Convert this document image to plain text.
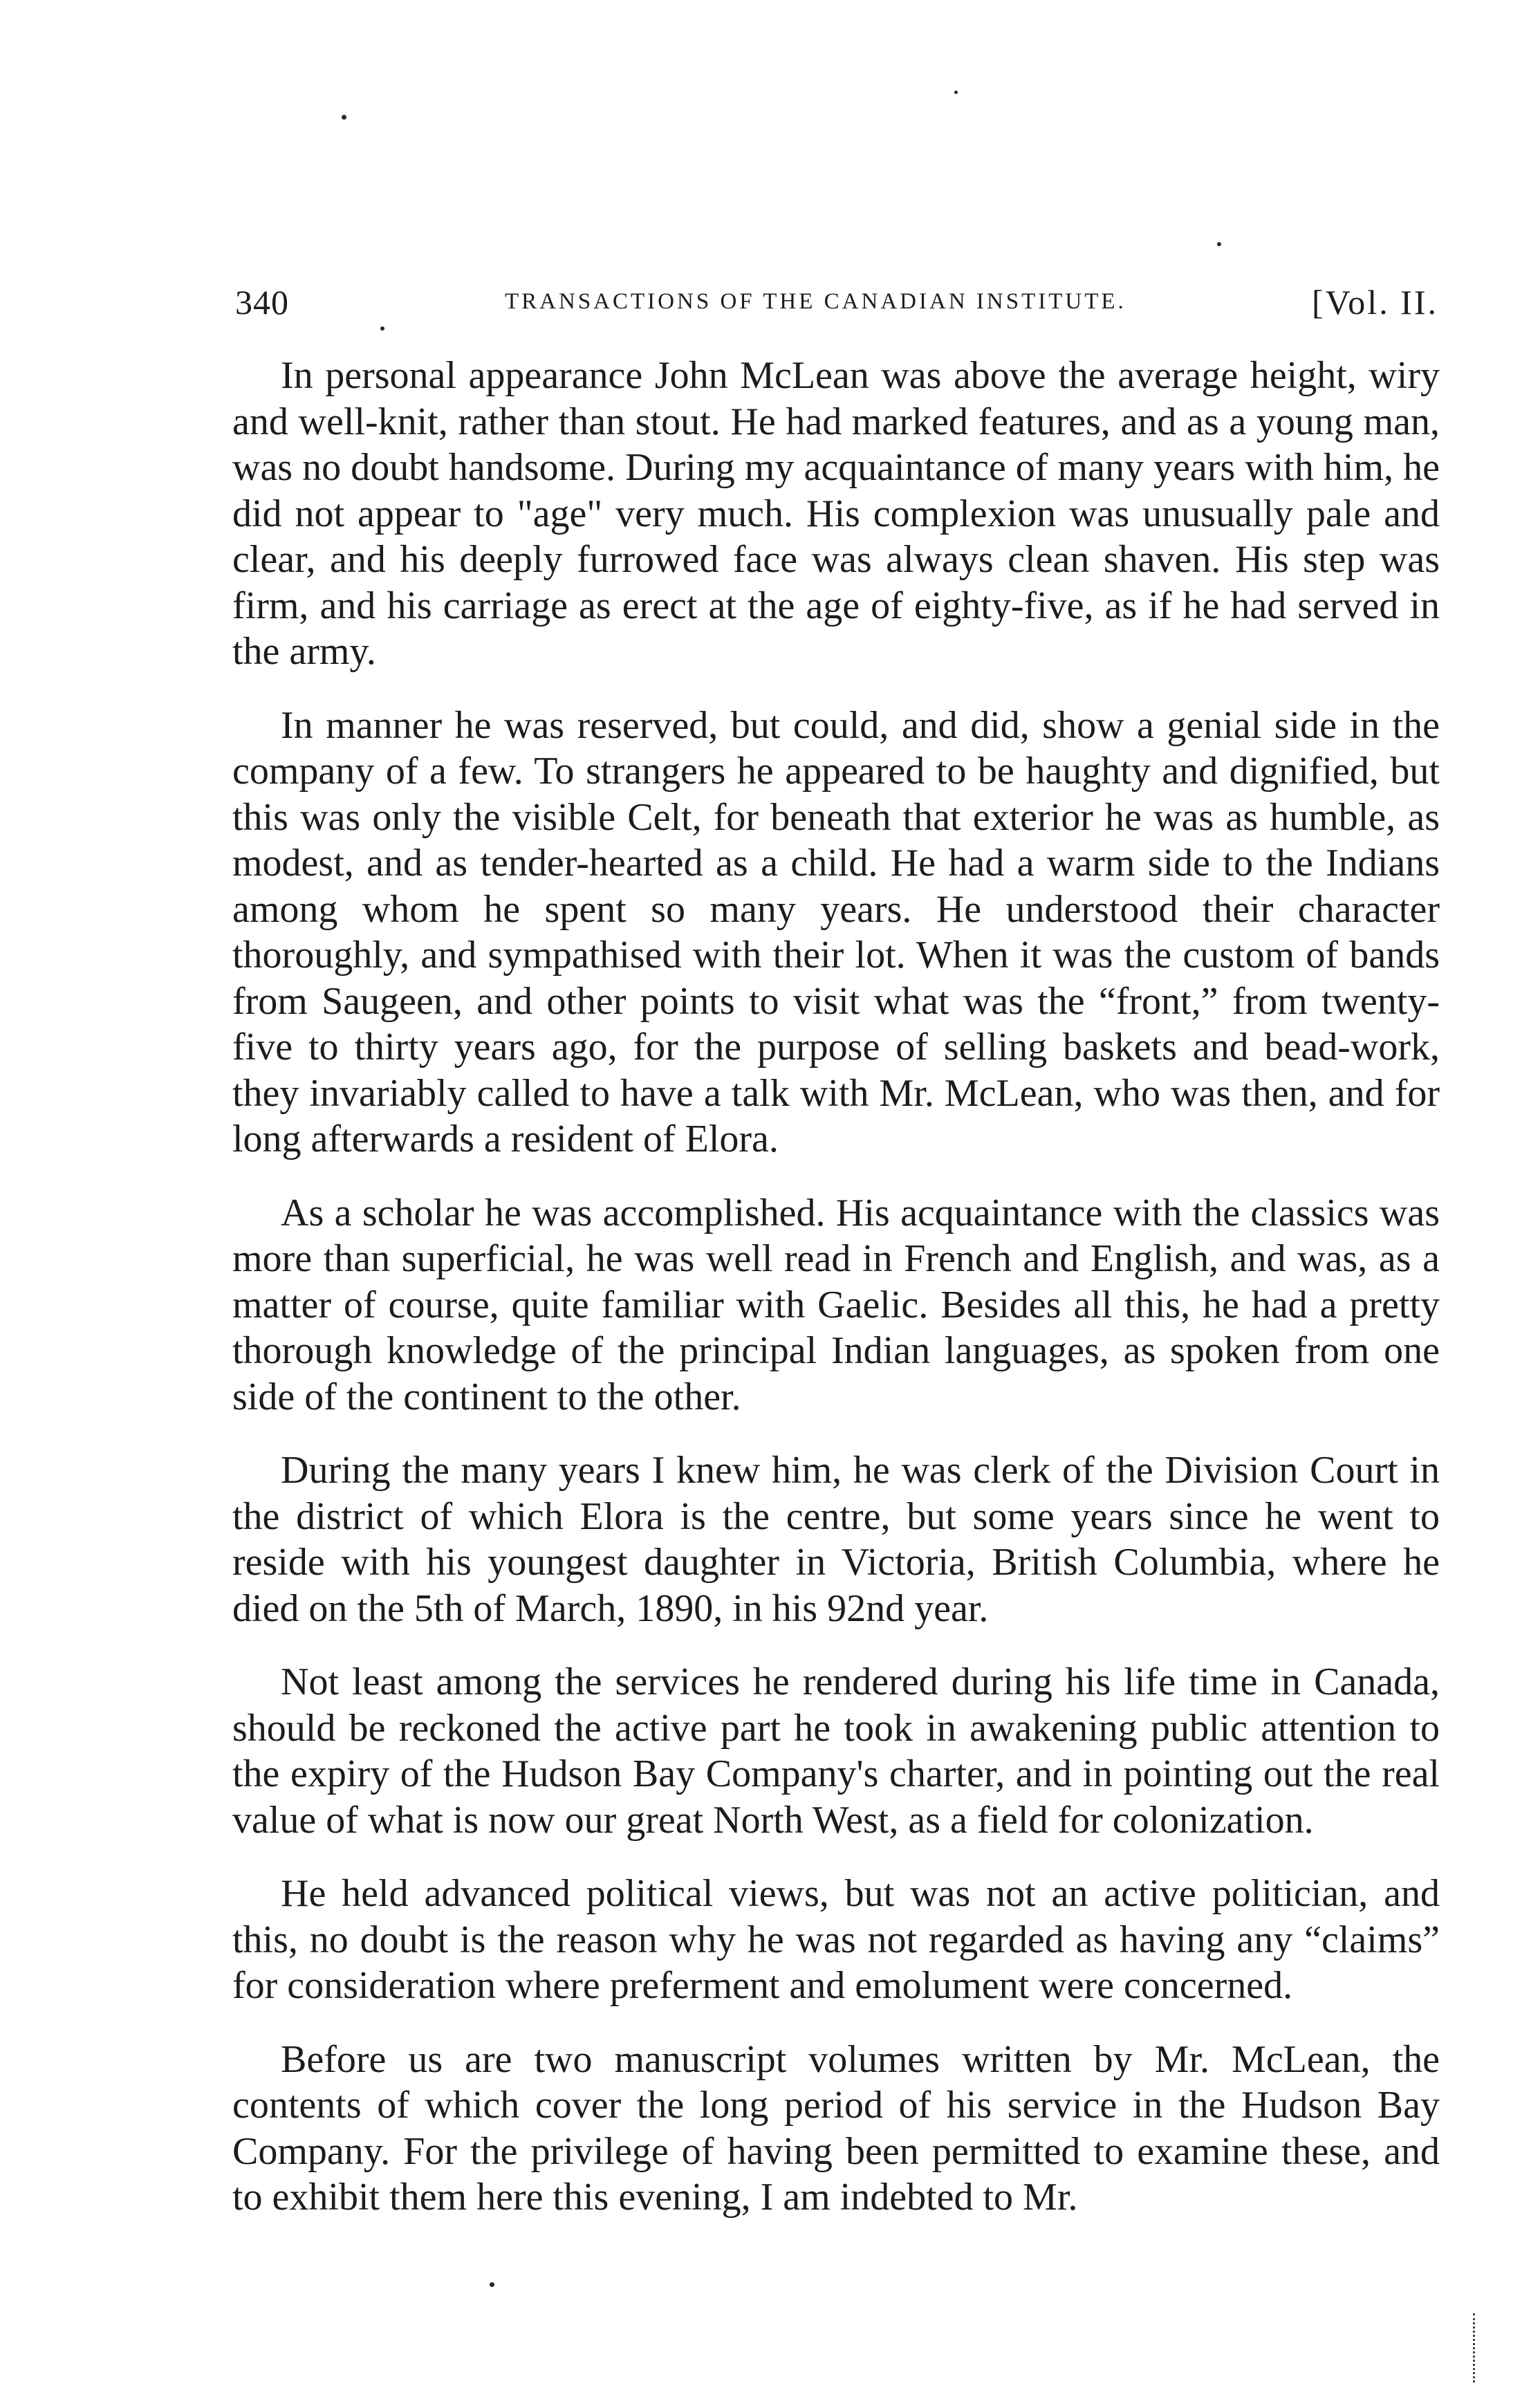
340	TRANSACTIONS OF THE CANADIAN INSTITUTE.	[Vol. II.

In personal appearance John McLean was above the average height, wiry and well-knit, rather than stout. He had marked features, and as a young man, was no doubt handsome. During my acquaintance of many years with him, he did not appear to "age" very much. His complexion was unusually pale and clear, and his deeply furrowed face was always clean shaven. His step was firm, and his carriage as erect at the age of eighty-five, as if he had served in the army.

In manner he was reserved, but could, and did, show a genial side in the company of a few. To strangers he appeared to be haughty and dignified, but this was only the visible Celt, for beneath that exterior he was as humble, as modest, and as tender-hearted as a child. He had a warm side to the Indians among whom he spent so many years. He understood their character thoroughly, and sympathised with their lot. When it was the custom of bands from Saugeen, and other points to visit what was the “front,” from twenty-five to thirty years ago, for the purpose of selling baskets and bead-work, they invariably called to have a talk with Mr. McLean, who was then, and for long afterwards a resident of Elora.

As a scholar he was accomplished. His acquaintance with the classics was more than superficial, he was well read in French and English, and was, as a matter of course, quite familiar with Gaelic. Besides all this, he had a pretty thorough knowledge of the principal Indian languages, as spoken from one side of the continent to the other.

During the many years I knew him, he was clerk of the Division Court in the district of which Elora is the centre, but some years since he went to reside with his youngest daughter in Victoria, British Columbia, where he died on the 5th of March, 1890, in his 92nd year.

Not least among the services he rendered during his life time in Canada, should be reckoned the active part he took in awakening public attention to the expiry of the Hudson Bay Company's charter, and in pointing out the real value of what is now our great North West, as a field for colonization.

He held advanced political views, but was not an active politician, and this, no doubt is the reason why he was not regarded as having any “claims” for consideration where preferment and emolument were concerned.

Before us are two manuscript volumes written by Mr. McLean, the contents of which cover the long period of his service in the Hudson Bay Company. For the privilege of having been permitted to examine these, and to exhibit them here this evening, I am indebted to Mr.
